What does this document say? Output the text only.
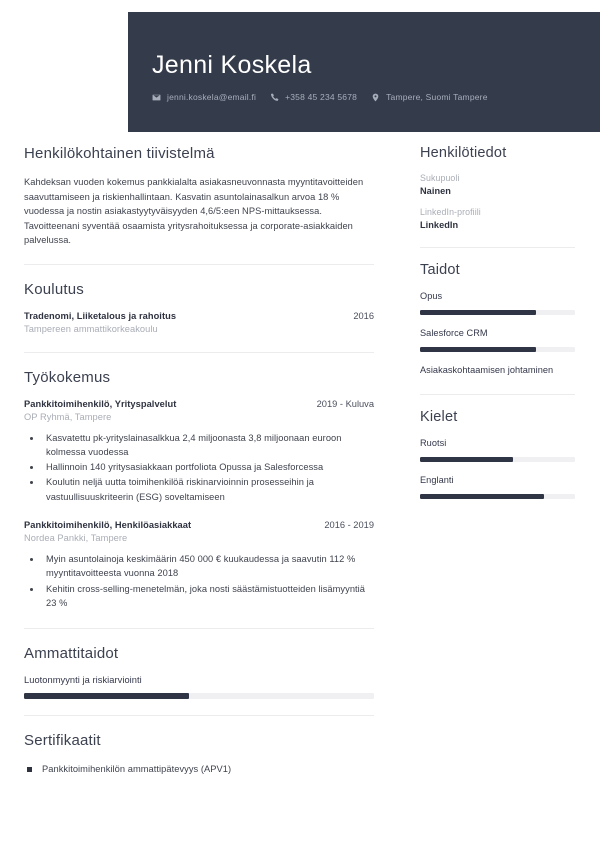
Jenni Koskela
jenni.koskela@email.fi	+358 45 234 5678	Tampere, Suomi Tampere
Henkilökohtainen tiivistelmä

Kahdeksan vuoden kokemus pankkialalta asiakasneuvonnasta myyntitavoitteiden saavuttamiseen ja riskienhallintaan. Kasvatin asuntolainasalkun arvoa 18 % vuodessa ja nostin asiakastyytyväisyyden 4,6/5:een NPS-mittauksessa. Tavoitteenani syventää osaamista yritysrahoituksessa ja corporate-asiakkaiden palvelussa.

Koulutus
Tradenomi, Liiketalous ja rahoitus	2016
Tampereen ammattikorkeakoulu
Työkokemus
Pankkitoimihenkilö, Yrityspalvelut	2019 - Kuluva
OP Ryhmä, Tampere
• Kasvatettu pk-yrityslainasalkkua 2,4 miljoonasta 3,8 miljoonaan euroon kolmessa vuodessa
• Hallinnoin 140 yritysasiakkaan portfoliota Opussa ja Salesforcessa
• Koulutin neljä uutta toimihenkilöä riskinarvioinnin prosesseihin ja vastuullisuuskriteerin (ESG) soveltamiseen
Pankkitoimihenkilö, Henkilöasiakkaat	2016 - 2019
Nordea Pankki, Tampere
• Myin asuntolainoja keskimäärin 450 000 € kuukaudessa ja saavutin 112 % myyntitavoitteesta vuonna 2018
• Kehitin cross-selling-menetelmän, joka nosti säästämistuotteiden lisämyyntiä 23 %
Ammattitaidot
Luotonmyynti ja riskiarviointi
Sertifikaatit
Pankkitoimihenkilön ammattipätevyys (APV1)
Henkilötiedot
Sukupuoli
Nainen
LinkedIn-profiili
LinkedIn
Taidot
Opus
Salesforce CRM
Asiakaskohtaamisen johtaminen
Kielet
Ruotsi
Englanti
